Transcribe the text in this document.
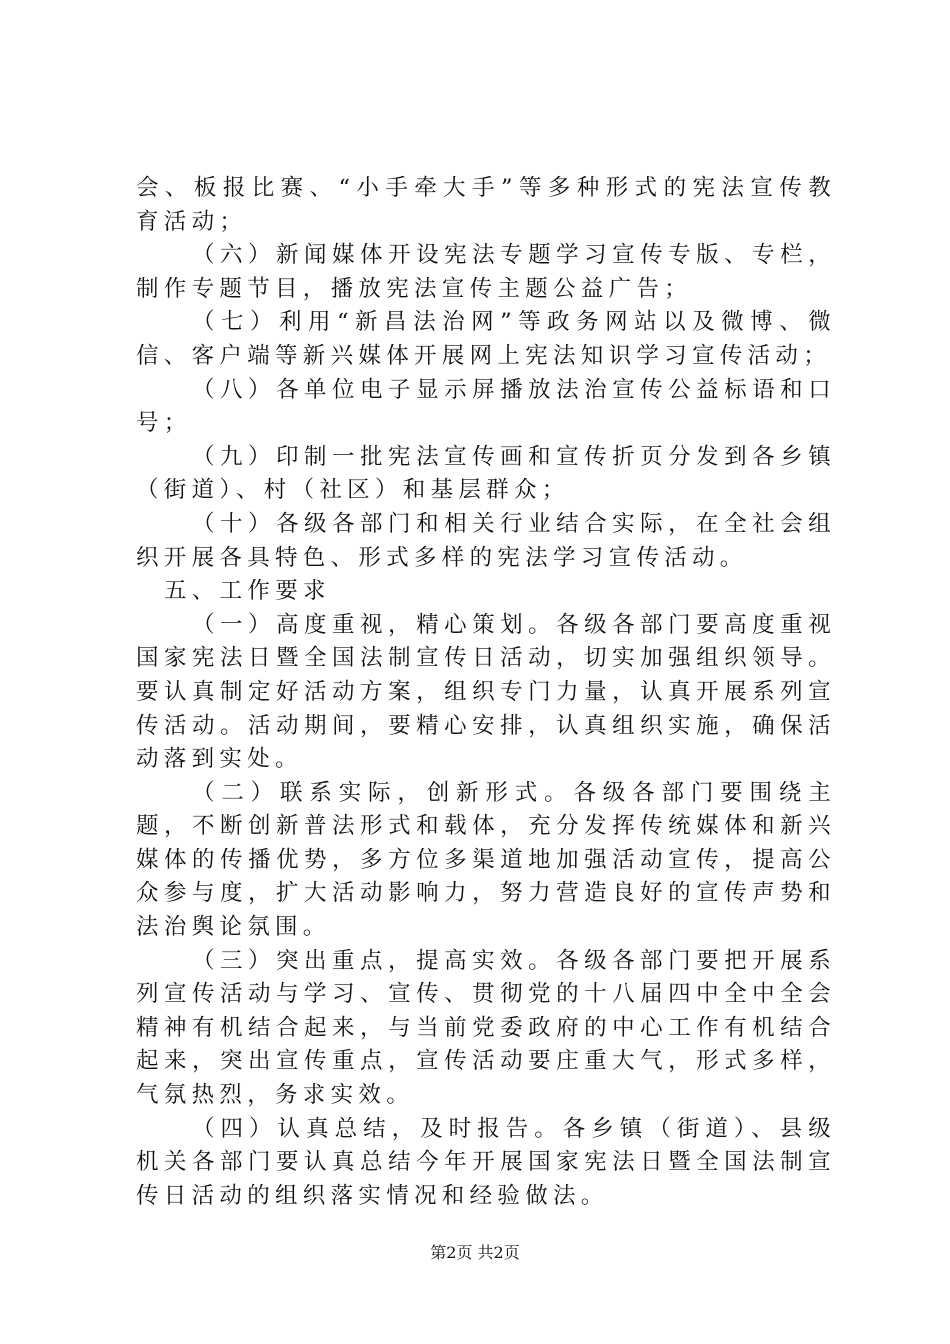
会、板报比赛、“小手牵大手”等多种形式的宪法宣传教育活动；

（六）新闻媒体开设宪法专题学习宣传专版、专栏，制作专题节目，播放宪法宣传主题公益广告；

（七）利用“新昌法治网”等政务网站以及微博、微信、客户端等新兴媒体开展网上宪法知识学习宣传活动；

（八）各单位电子显示屏播放法治宣传公益标语和口号；

（九）印制一批宪法宣传画和宣传折页分发到各乡镇（街道）、村（社区）和基层群众；

（十）各级各部门和相关行业结合实际，在全社会组织开展各具特色、形式多样的宪法学习宣传活动。

五、工作要求

（一）高度重视，精心策划。各级各部门要高度重视国家宪法日暨全国法制宣传日活动，切实加强组织领导。要认真制定好活动方案，组织专门力量，认真开展系列宣传活动。活动期间，要精心安排，认真组织实施，确保活动落到实处。

（二）联系实际，创新形式。各级各部门要围绕主题，不断创新普法形式和载体，充分发挥传统媒体和新兴媒体的传播优势，多方位多渠道地加强活动宣传，提高公众参与度，扩大活动影响力，努力营造良好的宣传声势和法治舆论氛围。

（三）突出重点，提高实效。各级各部门要把开展系列宣传活动与学习、宣传、贯彻党的十八届四中全中全会精神有机结合起来，与当前党委政府的中心工作有机结合起来，突出宣传重点，宣传活动要庄重大气，形式多样，气氛热烈，务求实效。

（四）认真总结，及时报告。各乡镇（街道）、县级机关各部门要认真总结今年开展国家宪法日暨全国法制宣传日活动的组织落实情况和经验做法。

第2页 共2页
